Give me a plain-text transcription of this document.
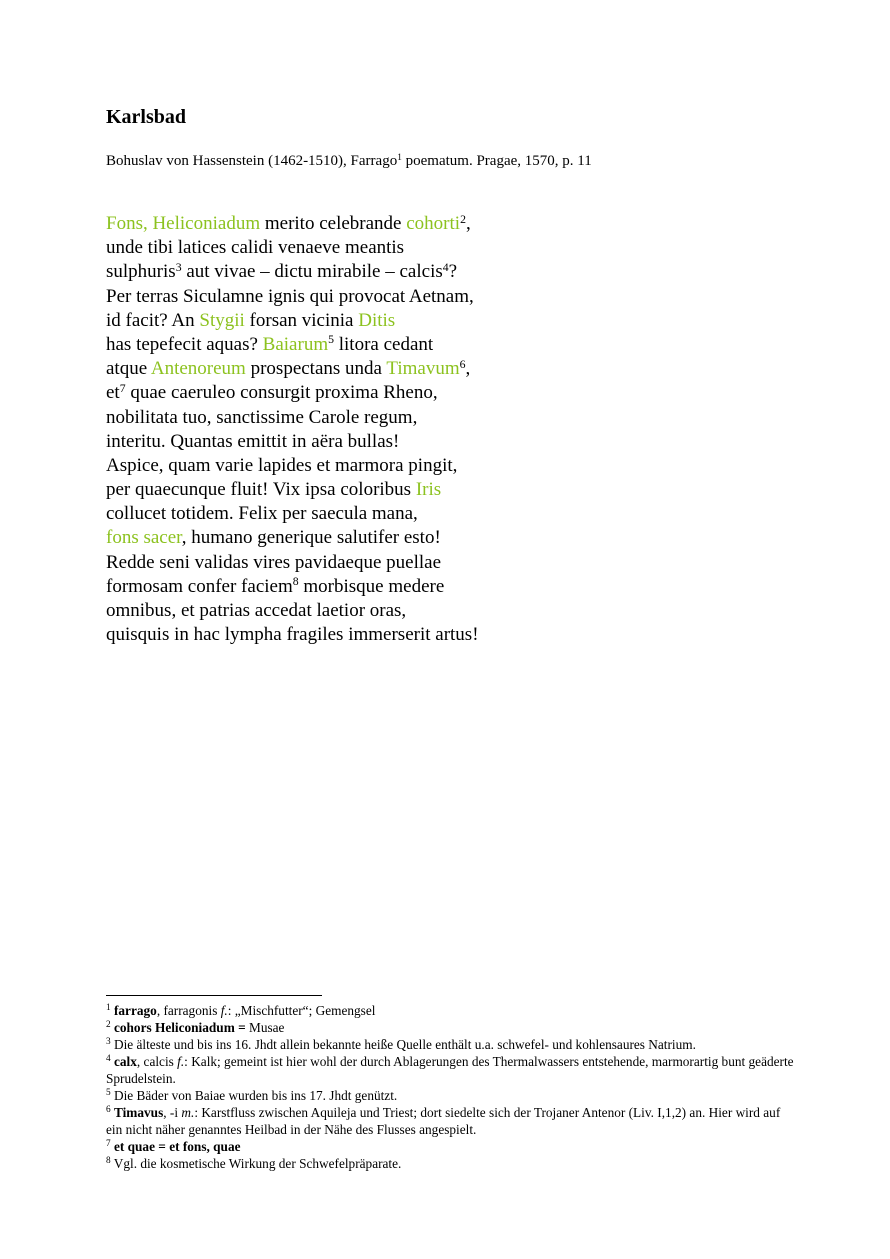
Karlsbad
Bohuslav von Hassenstein (1462-1510), Farrago$^1$ poematum. Pragae, 1570, p. 11
Fons, Heliconiadum merito celebrande cohorti$^2$,
unde tibi latices calidi venaeve meantis
sulphuris$^3$ aut vivae – dictu mirabile – calcis$^4$?
Per terras Siculamne ignis qui provocat Aetnam,
id facit? An Stygii forsan vicinia Ditis
has tepefecit aquas? Baiarum$^5$ litora cedant
atque Antenoreum prospectans unda Timavum$^6$,
$et^7$ quae caeruleo consurgit proxima Rheno,
nobilitata tuo, sanctissime Carole regum,
interitu. Quantas emittit in aëra bullas!
Aspice, quam varie lapides et marmora pingit,
per quaecunque fluit! Vix ipsa coloribus Iris
collucet totidem. Felix per saecula mana,
fons sacer, humano generique salutifer esto!
Redde seni validas vires pavidaeque puellae
formosam confer faciem$^8$ morbisque medere
omnibus, et patrias accedat laetior oras,
quisquis in hac lympha fragiles immerserit artus!

$^1$ farrago, farragonis f.: „Mischfutter“; Gemengsel

$^2$ cohors Heliconiadum = Musae

$^3$ Die älteste und bis ins 16. Jhdt allein bekannte heiße Quelle enthält u.a. schwefel- und kohlensaures Natrium.

$^4$ calx, calcis f.: Kalk; gemeint ist hier wohl der durch Ablagerungen des Thermalwassers entstehende, marmorartig bunt geäderte Sprudelstein.

$^5$ Die Bäder von Baiae wurden bis ins 17. Jhdt genützt.

$^6$ Timavus, -i m.: Karstfluss zwischen Aquileja und Triest; dort siedelte sich der Trojaner Antenor (Liv. I,1,2) an. Hier wird auf ein nicht näher genanntes Heilbad in der Nähe des Flusses angespielt.

$^7$ et quae = et fons, quae

$^8$ Vgl. die kosmetische Wirkung der Schwefelpräparate.
